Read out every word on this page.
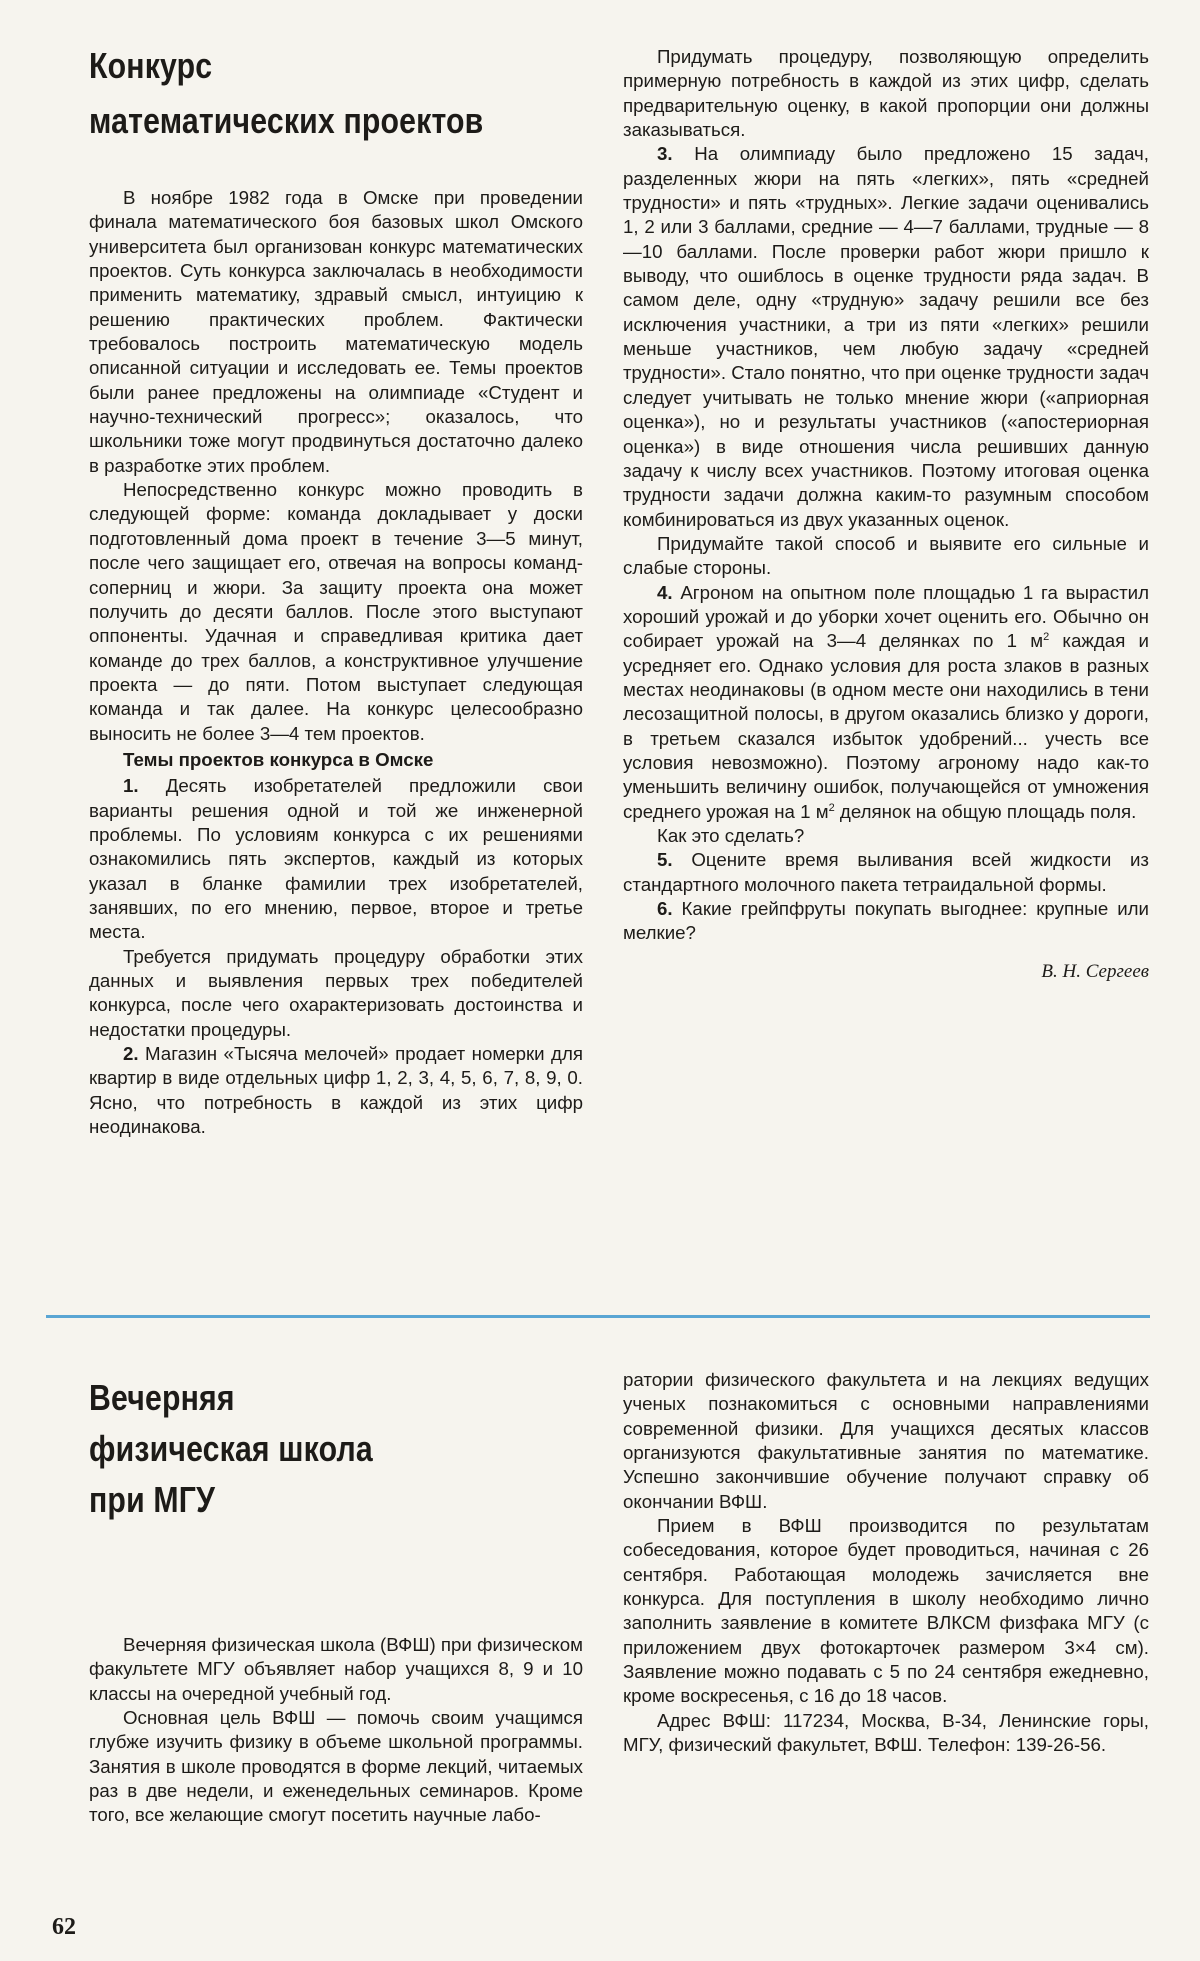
Конкурс
математических проектов

В ноябре 1982 года в Омске при проведении финала математического боя базовых школ Омского университета был организован конкурс математических проектов. Суть конкурса заключалась в необходимости применить математику, здравый смысл, интуицию к решению практических проблем. Фактически требовалось построить математическую модель описанной ситуации и исследовать ее. Темы проектов были ранее предложены на олимпиаде «Студент и научно-технический прогресс»; оказалось, что школьники тоже могут продвинуться достаточно далеко в разработке этих проблем.

Непосредственно конкурс можно проводить в следующей форме: команда докладывает у доски подготовленный дома проект в течение 3—5 минут, после чего защищает его, отвечая на вопросы команд-соперниц и жюри. За защиту проекта она может получить до десяти баллов. После этого выступают оппоненты. Удачная и справедливая критика дает команде до трех баллов, а конструктивное улучшение проекта — до пяти. Потом выступает следующая команда и так далее. На конкурс целесообразно выносить не более 3—4 тем проектов.

Темы проектов конкурса в Омске

1. Десять изобретателей предложили свои варианты решения одной и той же инженерной проблемы. По условиям конкурса с их решениями ознакомились пять экспертов, каждый из которых указал в бланке фамилии трех изобретателей, занявших, по его мнению, первое, второе и третье места.

Требуется придумать процедуру обработки этих данных и выявления первых трех победителей конкурса, после чего охарактеризовать достоинства и недостатки процедуры.

2. Магазин «Тысяча мелочей» продает номерки для квартир в виде отдельных цифр 1, 2, 3, 4, 5, 6, 7, 8, 9, 0. Ясно, что потребность в каждой из этих цифр неодинакова.

Придумать процедуру, позволяющую определить примерную потребность в каждой из этих цифр, сделать предварительную оценку, в какой пропорции они должны заказываться.

3. На олимпиаду было предложено 15 задач, разделенных жюри на пять «легких», пять «средней трудности» и пять «трудных». Легкие задачи оценивались 1, 2 или 3 баллами, средние — 4—7 баллами, трудные — 8—10 баллами. После проверки работ жюри пришло к выводу, что ошиблось в оценке трудности ряда задач. В самом деле, одну «трудную» задачу решили все без исключения участники, а три из пяти «легких» решили меньше участников, чем любую задачу «средней трудности». Стало понятно, что при оценке трудности задач следует учитывать не только мнение жюри («априорная оценка»), но и результаты участников («апостериорная оценка») в виде отношения числа решивших данную задачу к числу всех участников. Поэтому итоговая оценка трудности задачи должна каким-то разумным способом комбинироваться из двух указанных оценок.

Придумайте такой способ и выявите его сильные и слабые стороны.

4. Агроном на опытном поле площадью 1 га вырастил хороший урожай и до уборки хочет оценить его. Обычно он собирает урожай на 3—4 делянках по 1 $м^2$ каждая и усредняет его. Однако условия для роста злаков в разных местах неодинаковы (в одном месте они находились в тени лесозащитной полосы, в другом оказались близко у дороги, в третьем сказался избыток удобрений... учесть все условия невозможно). Поэтому агроному надо как-то уменьшить величину ошибок, получающейся от умножения среднего урожая на 1 $м^2$ делянок на общую площадь поля.

Как это сделать?

5. Оцените время выливания всей жидкости из стандартного молочного пакета тетраидальной формы.

6. Какие грейпфруты покупать выгоднее: крупные или мелкие?

В. Н. Сергеев
Вечерняя
физическая школа
при МГУ

Вечерняя физическая школа (ВФШ) при физическом факультете МГУ объявляет набор учащихся 8, 9 и 10 классы на очередной учебный год.

Основная цель ВФШ — помочь своим учащимся глубже изучить физику в объеме школьной программы. Занятия в школе проводятся в форме лекций, читаемых раз в две недели, и еженедельных семинаров. Кроме того, все желающие смогут посетить научные лабо-

ратории физического факультета и на лекциях ведущих ученых познакомиться с основными направлениями современной физики. Для учащихся десятых классов организуются факультативные занятия по математике. Успешно закончившие обучение получают справку об окончании ВФШ.

Прием в ВФШ производится по результатам собеседования, которое будет проводиться, начиная с 26 сентября. Работающая молодежь зачисляется вне конкурса. Для поступления в школу необходимо лично заполнить заявление в комитете ВЛКСМ физфака МГУ (с приложением двух фотокарточек размером 3×4 см). Заявление можно подавать с 5 по 24 сентября ежедневно, кроме воскресенья, с 16 до 18 часов.

Адрес ВФШ: 117234, Москва, В-34, Ленинские горы, МГУ, физический факультет, ВФШ. Телефон: 139-26-56.

62
